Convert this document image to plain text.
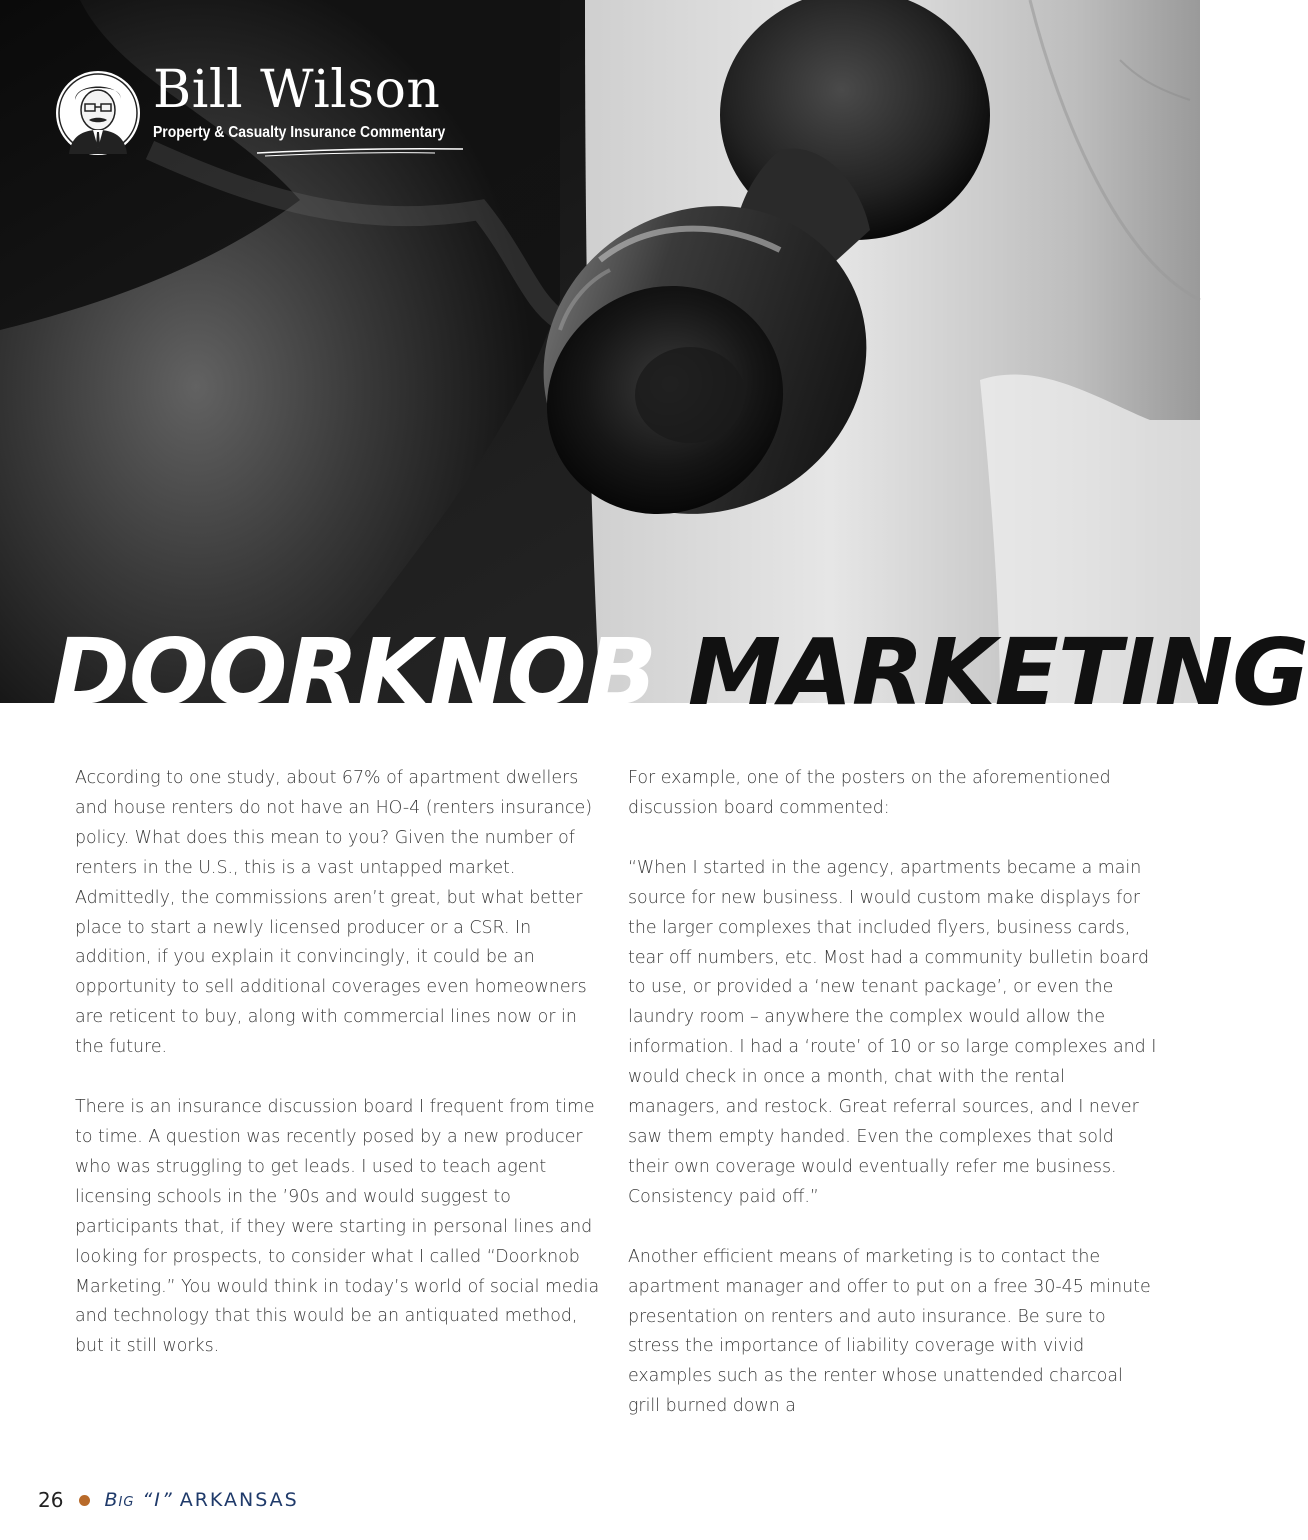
Bill Wilson

Property & Casualty Insurance Commentary

DOORKNOB MARKETING

According to one study, about 67% of apartment dwellers and house renters do not have an HO-4 (renters insurance) policy. What does this mean to you? Given the number of renters in the U.S., this is a vast untapped market. Admittedly, the commissions aren’t great, but what better place to start a newly licensed producer or a CSR. In addition, if you explain it convincingly, it could be an opportunity to sell additional coverages even homeowners are reticent to buy, along with commercial lines now or in the future.

There is an insurance discussion board I frequent from time to time. A question was recently posed by a new producer who was struggling to get leads. I used to teach agent licensing schools in the ’90s and would suggest to participants that, if they were starting in personal lines and looking for prospects, to consider what I called “Doorknob Marketing.” You would think in today’s world of social media and technology that this would be an antiquated method, but it still works.

For example, one of the posters on the aforementioned discussion board commented:

“When I started in the agency, apartments became a main source for new business. I would custom make displays for the larger complexes that included flyers, business cards, tear off numbers, etc. Most had a community bulletin board to use, or provided a ‘new tenant package’, or even the laundry room – anywhere the complex would allow the information. I had a ‘route’ of 10 or so large complexes and I would check in once a month, chat with the rental managers, and restock. Great referral sources, and I never saw them empty handed. Even the complexes that sold their own coverage would eventually refer me business. Consistency paid off.”

Another efficient means of marketing is to contact the apartment manager and offer to put on a free 30-45 minute presentation on renters and auto insurance. Be sure to stress the importance of liability coverage with vivid examples such as the renter whose unattended charcoal grill burned down a

26 Big “I” ARKANSAS
